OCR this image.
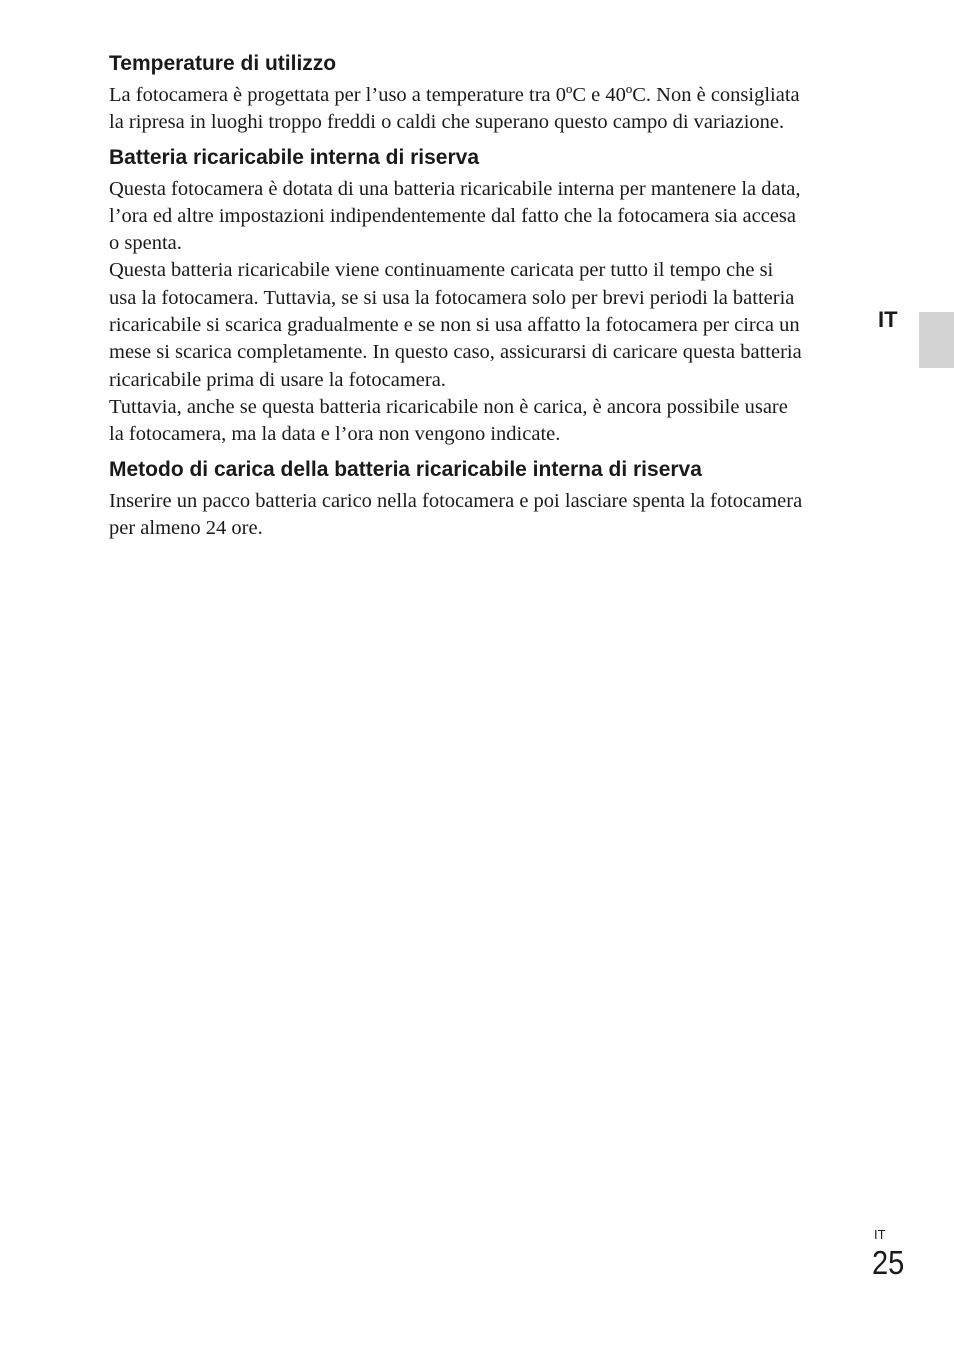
Temperature di utilizzo

La fotocamera è progettata per l’uso a temperature tra 0ºC e 40ºC. Non è consigliata
la ripresa in luoghi troppo freddi o caldi che superano questo campo di variazione.

Batteria ricaricabile interna di riserva

Questa fotocamera è dotata di una batteria ricaricabile interna per mantenere la data,
l’ora ed altre impostazioni indipendentemente dal fatto che la fotocamera sia accesa
o spenta.

Questa batteria ricaricabile viene continuamente caricata per tutto il tempo che si
usa la fotocamera. Tuttavia, se si usa la fotocamera solo per brevi periodi la batteria
ricaricabile si scarica gradualmente e se non si usa affatto la fotocamera per circa un
mese si scarica completamente. In questo caso, assicurarsi di caricare questa batteria
ricaricabile prima di usare la fotocamera.

Tuttavia, anche se questa batteria ricaricabile non è carica, è ancora possibile usare
la fotocamera, ma la data e l’ora non vengono indicate.

Metodo di carica della batteria ricaricabile interna di riserva

Inserire un pacco batteria carico nella fotocamera e poi lasciare spenta la fotocamera
per almeno 24 ore.

IT
IT
25
